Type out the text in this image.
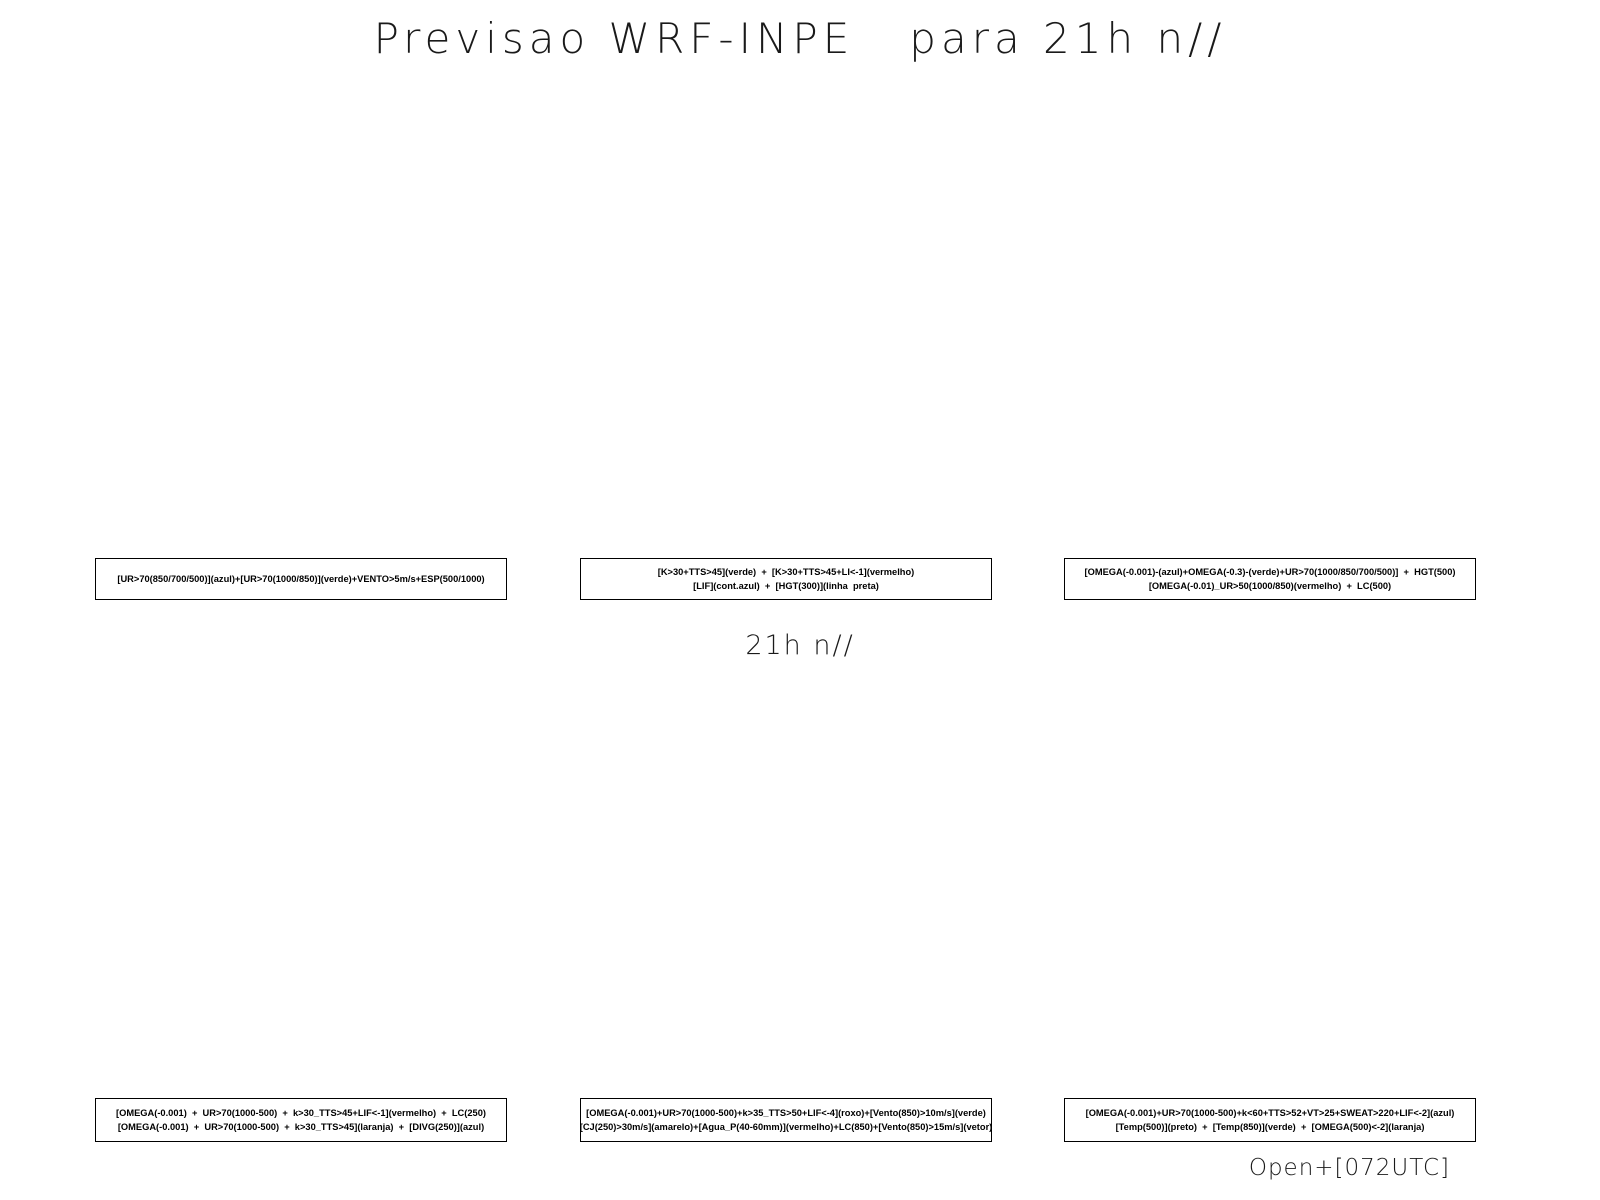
Previsao WRF-INPE   para 21h n//
[UR>70(850/700/500)](azul)+[UR>70(1000/850)](verde)+VENTO>5m/s+ESP(500/1000)
[K>30+TTS>45](verde)  +  [K>30+TTS>45+LI<-1](vermelho)
[LIF](cont.azul)  +  [HGT(300)](linha  preta)
[OMEGA(-0.001)-(azul)+OMEGA(-0.3)-(verde)+UR>70(1000/850/700/500)]  +  HGT(500)
[OMEGA(-0.01)_UR>50(1000/850)(vermelho)  +  LC(500)
21h n//
[OMEGA(-0.001)  +  UR>70(1000-500)  +  k>30_TTS>45+LIF<-1](vermelho)  +  LC(250)
[OMEGA(-0.001)  +  UR>70(1000-500)  +  k>30_TTS>45](laranja)  +  [DIVG(250)](azul)
[OMEGA(-0.001)+UR>70(1000-500)+k>35_TTS>50+LIF<-4](roxo)+[Vento(850)>10m/s](verde)
[CJ(250)>30m/s](amarelo)+[Agua_P(40-60mm)](vermelho)+LC(850)+[Vento(850)>15m/s](vetor)
[OMEGA(-0.001)+UR>70(1000-500)+k<60+TTS>52+VT>25+SWEAT>220+LIF<-2](azul)
[Temp(500)](preto)  +  [Temp(850)](verde)  +  [OMEGA(500)<-2](laranja)
Open+[072UTC]
